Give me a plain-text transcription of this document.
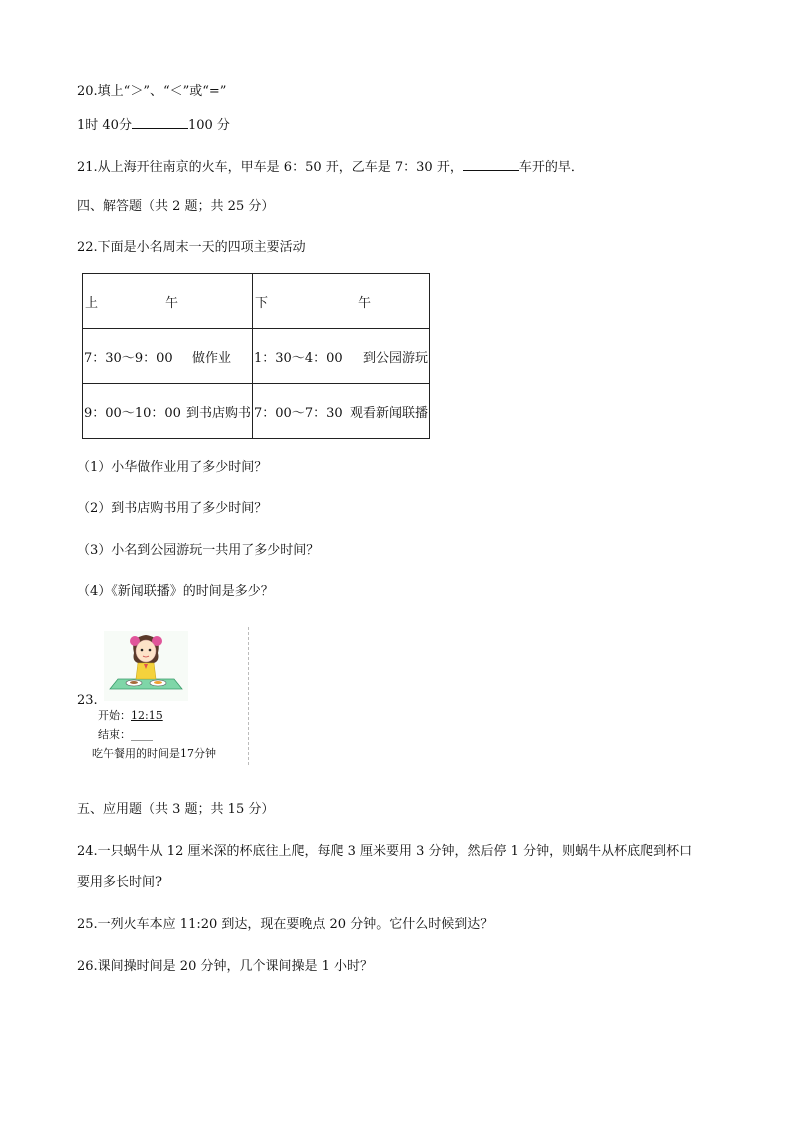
20.填上“＞”、“＜”或“=”
1时 40分	100 分
21.从上海开往南京的火车，甲车是 6：50 开，乙车是 7：30 开，	车开的早．
四、解答题（共 2 题；共 25 分）
22.下面是小名周末一天的四项主要活动
上 午	下 午

7：30～9：00 做作业	1：30～4：00 到公园游玩

9：00～10：00 到书店购书	7：00～7：30 观看新闻联播
（1）小华做作业用了多少时间？
（2）到书店购书用了多少时间？
（3）小名到公园游玩一共用了多少时间？
（4）《新闻联播》的时间是多少？
23.
开始：12:15
结束：____
吃午餐用的时间是17分钟
五、应用题（共 3 题；共 15 分）
24.一只蜗牛从 12 厘米深的杯底往上爬，每爬 3 厘米要用 3 分钟，然后停 1 分钟，则蜗牛从杯底爬到杯口
要用多长时间?
25.一列火车本应 11:20 到达，现在要晚点 20 分钟。它什么时候到达？
26.课间操时间是 20 分钟，几个课间操是 1 小时？
